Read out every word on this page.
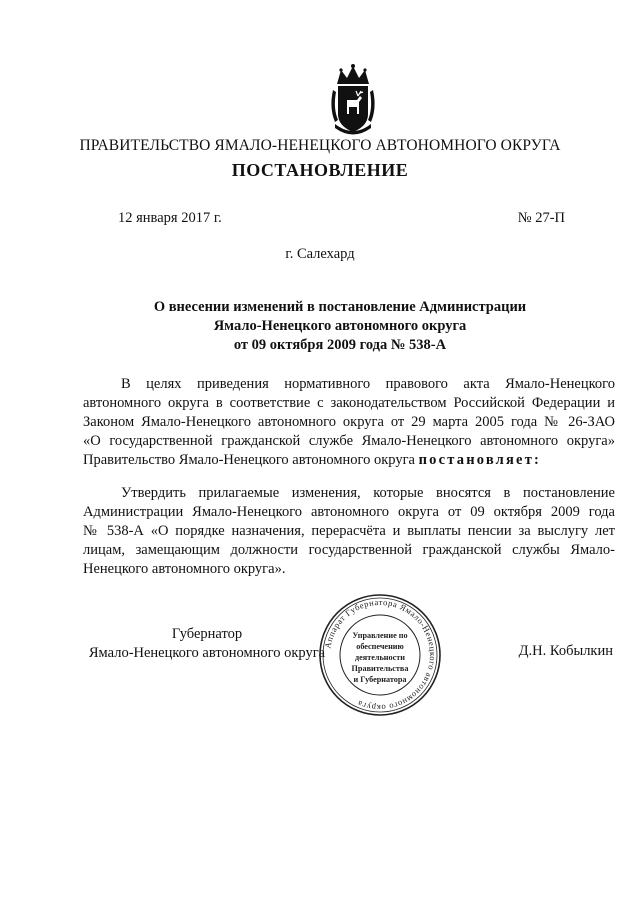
ПРАВИТЕЛЬСТВО ЯМАЛО-НЕНЕЦКОГО АВТОНОМНОГО ОКРУГА
ПОСТАНОВЛЕНИЕ
12 января 2017 г.	№ 27-П
г. Салехард
О внесении изменений в постановление Администрации
Ямало-Ненецкого автономного округа
от 09 октября 2009 года № 538-А
В целях приведения нормативного правового акта Ямало-Ненецкого
автономного округа в соответствие с законодательством Российской Федерации и
Законом Ямало-Ненецкого автономного округа от 29 марта 2005 года № 26-ЗАО
«О государственной гражданской службе Ямало-Ненецкого автономного округа»
Правительство Ямало-Ненецкого автономного округа постановляет:
Утвердить прилагаемые изменения, которые вносятся в постановление
Администрации Ямало-Ненецкого автономного округа от 09 октября 2009 года
№ 538-А «О порядке назначения, перерасчёта и выплаты пенсии за выслугу лет
лицам, замещающим должности государственной гражданской службы Ямало-
Ненецкого автономного округа».
Губернатор
Ямало-Ненецкого автономного округа	Д.Н. Кобылкин
Аппарат Губернатора Ямало-Ненецкого автономного округа
Управление по
обеспечению
деятельности
Правительства
и Губернатора
